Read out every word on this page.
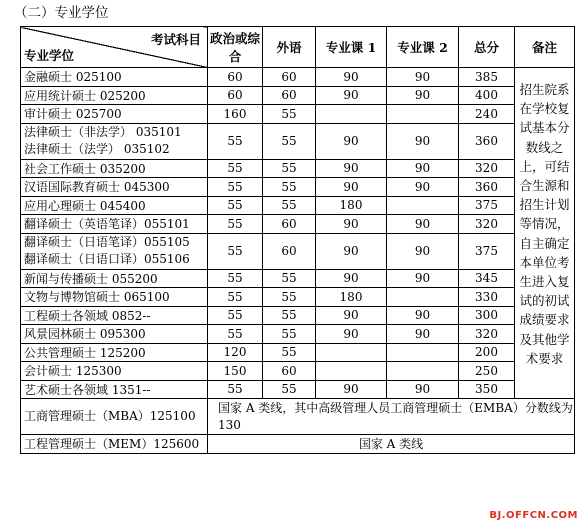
（二）专业学位
考试科目
专业学位	政治或综合	外语	专业课 1	专业课 2	总分	备注
金融硕士 025100	60	60	90	90	385	招生院系在学校复试基本分数线之上，可结合生源和招生计划等情况，自主确定本单位考生进入复试的初试成绩要求及其他学术要求
应用统计硕士 025200	60	60	90	90	400	
审计硕士 025700	160	55			240	

法律硕士（非法学） 035101
法律硕士（法学） 035102	55	55	90	90	360	
社会工作硕士 035200	55	55	90	90	320	
汉语国际教育硕士 045300	55	55	90	90	360	
应用心理硕士 045400	55	55	180		375	
翻译硕士（英语笔译）055101	55	60	90	90	320	

翻译硕士（日语笔译）055105
翻译硕士（日语口译）055106	55	60	90	90	375	
新闻与传播硕士 055200	55	55	90	90	345	
文物与博物馆硕士 065100	55	55	180		330	
工程硕士各领域 0852--	55	55	90	90	300	
风景园林硕士 095300	55	55	90	90	320	
公共管理硕士 125200	120	55			200	
会计硕士 125300	150	60			250	
艺术硕士各领域 1351--	55	55	90	90	350	
工商管理硕士（MBA）125100	国家 A 类线，其中高级管理人员工商管理硕士（EMBA）分数线为 130					
工程管理硕士（MEM）125600	国家 A 类线					
BJ.OFFCN.COM
